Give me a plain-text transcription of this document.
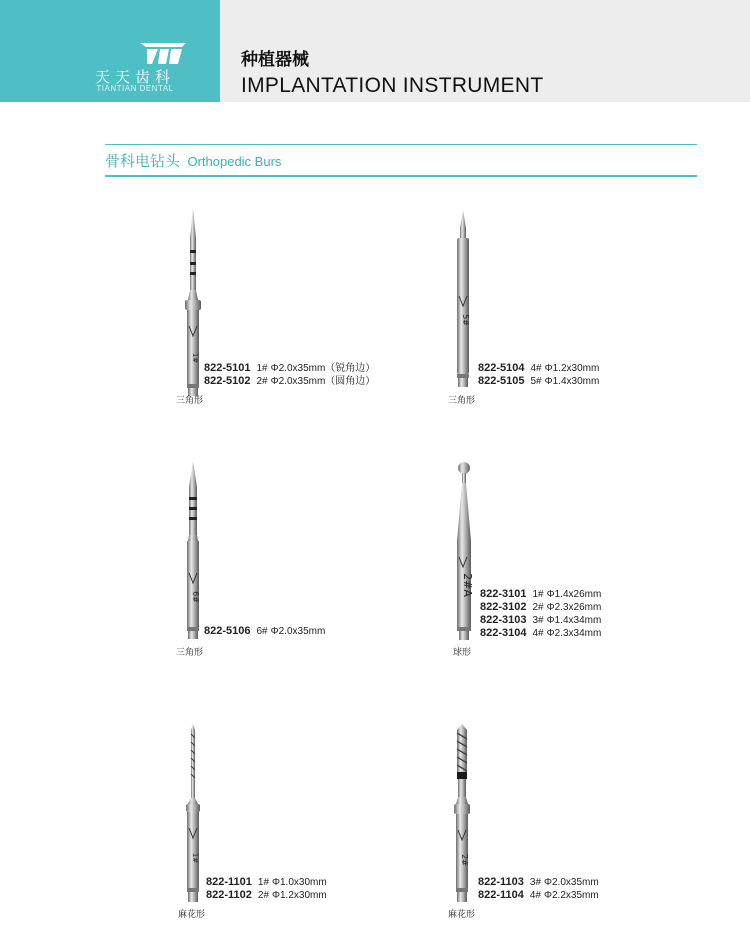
天天齿科
TIANTIAN DENTAL
种植器械
IMPLANTATION INSTRUMENT
骨科电钻头 Orthopedic Burs
1#
822-5101 1# Φ2.0x35mm（锐角边）
822-5102 2# Φ2.0x35mm（圆角边）
三角形
5#
822-5104 4# Φ1.2x30mm
822-5105 5# Φ1.4x30mm
三角形
6#
822-5106 6# Φ2.0x35mm
三角形
2#A 822-3101 1# Φ1.4x26mm
822-3102 2# Φ2.3x26mm
822-3103 3# Φ1.4x34mm
822-3104 4# Φ2.3x34mm
球形
1#
822-1101 1# Φ1.0x30mm
822-1102 2# Φ1.2x30mm
麻花形
2#
822-1103 3# Φ2.0x35mm
822-1104 4# Φ2.2x35mm
麻花形
